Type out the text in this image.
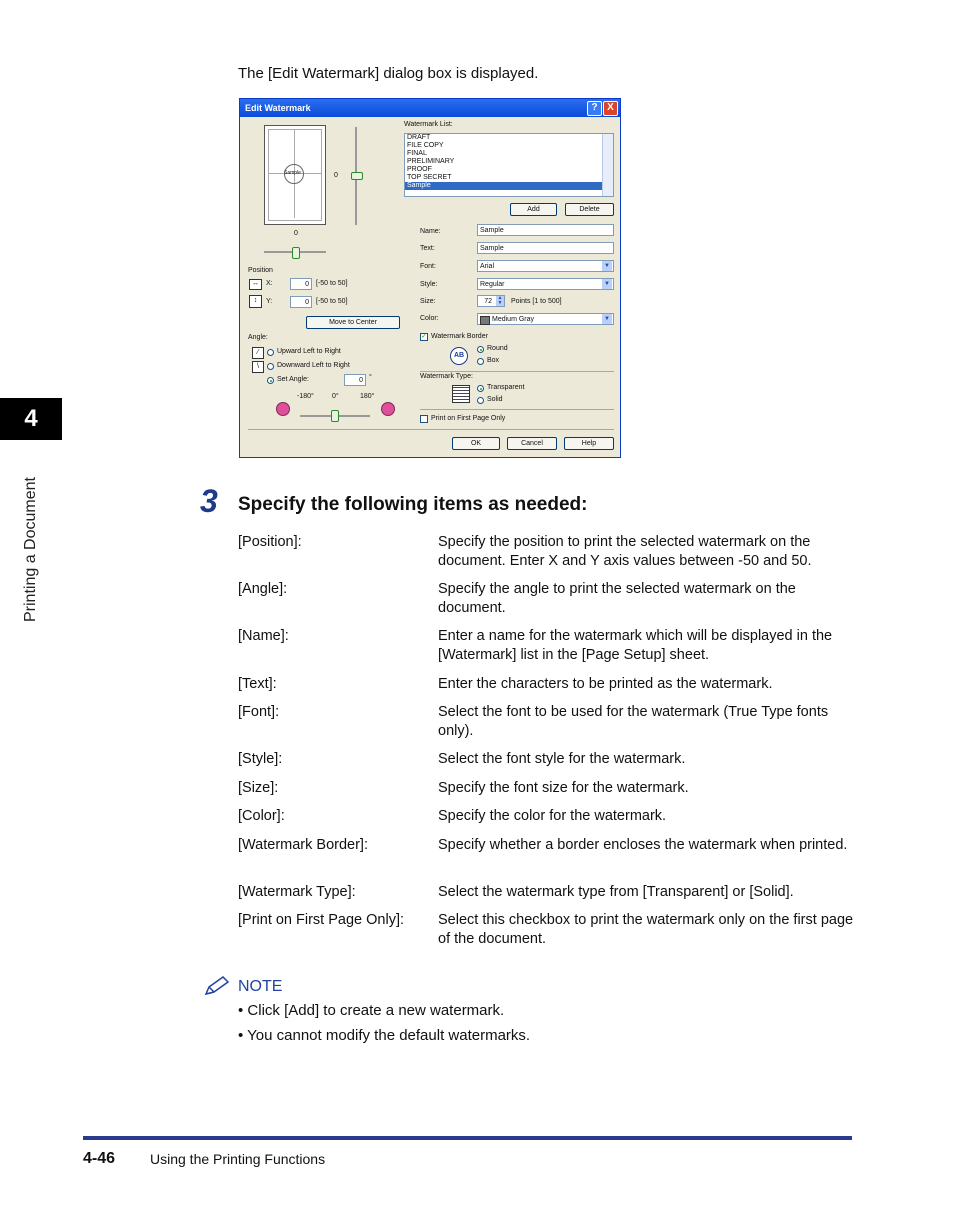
4
Printing a Document
The [Edit Watermark] dialog box is displayed.
Edit Watermark	? X
Sample	0
0
Position
↔	X:	0	[-50 to 50]
↕	Y:	0	[-50 to 50]
Move to Center
Angle:
⁄	Upward Left to Right
\	Downward Left to Right
Set Angle:	0 °
-180°	0°	180°
Watermark List:
DRAFT
FILE COPY
FINAL
PRELIMINARY
PROOF
TOP SECRET
Sample
Add	Delete
Name:	Sample
Text:	Sample
Font:	Arial	▼
Style:	Regular	▼
Size:	72	▲
▼ Points [1 to 500]
Color:	Medium Gray	▼
✓ Watermark Border
AB
Round
Box
Watermark Type:
Transparent
Solid
Print on First Page Only
OK	Cancel	Help
3 Specify the following items as needed:
[Position]:	Specify the position to print the selected watermark on the document. Enter X and Y axis values between -50 and 50.
[Angle]:	Specify the angle to print the selected watermark on the document.
[Name]:	Enter a name for the watermark which will be displayed in the [Watermark] list in the [Page Setup] sheet.
[Text]:	Enter the characters to be printed as the watermark.
[Font]:	Select the font to be used for the watermark (True Type fonts only).
[Style]:	Select the font style for the watermark.
[Size]:	Specify the font size for the watermark.
[Color]:	Specify the color for the watermark.
[Watermark Border]:	Specify whether a border encloses the watermark when printed.
[Watermark Type]:	Select the watermark type from [Transparent] or [Solid].
[Print on First Page Only]: Select this checkbox to print the watermark only on the first page of the document.
NOTE
• Click [Add] to create a new watermark.
• You cannot modify the default watermarks.
4-46 Using the Printing Functions
